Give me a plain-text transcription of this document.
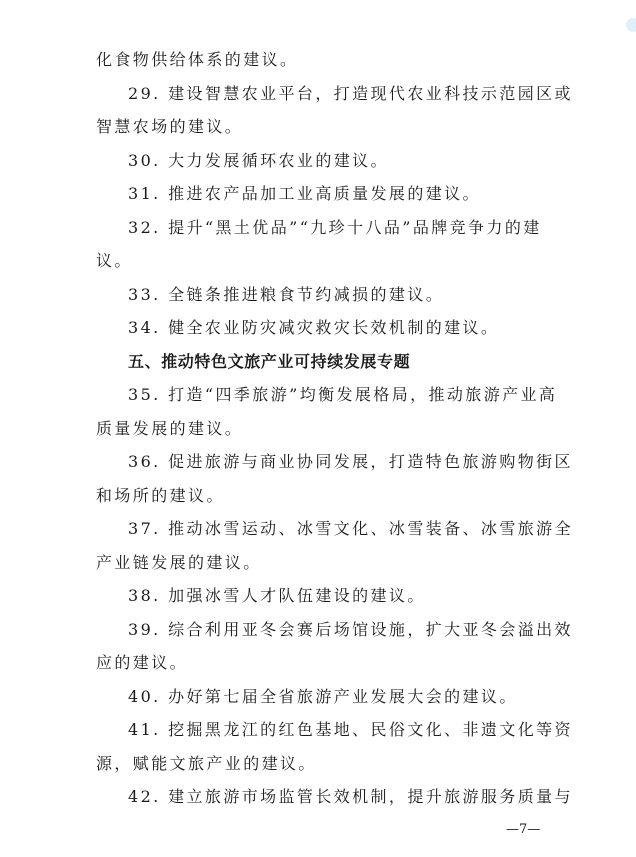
化食物供给体系的建议。
29. 建设智慧农业平台，打造现代农业科技示范园区或
智慧农场的建议。
30. 大力发展循环农业的建议。
31. 推进农产品加工业高质量发展的建议。
32. 提升“黑土优品”“九珍十八品”品牌竞争力的建
议。
33. 全链条推进粮食节约减损的建议。
34. 健全农业防灾减灾救灾长效机制的建议。
五、推动特色文旅产业可持续发展专题
35. 打造“四季旅游”均衡发展格局，推动旅游产业高
质量发展的建议。
36. 促进旅游与商业协同发展，打造特色旅游购物街区
和场所的建议。
37. 推动冰雪运动、冰雪文化、冰雪装备、冰雪旅游全
产业链发展的建议。
38. 加强冰雪人才队伍建设的建议。
39. 综合利用亚冬会赛后场馆设施，扩大亚冬会溢出效
应的建议。
40. 办好第七届全省旅游产业发展大会的建议。
41. 挖掘黑龙江的红色基地、民俗文化、非遗文化等资
源，赋能文旅产业的建议。
42. 建立旅游市场监管长效机制，提升旅游服务质量与
—7—
